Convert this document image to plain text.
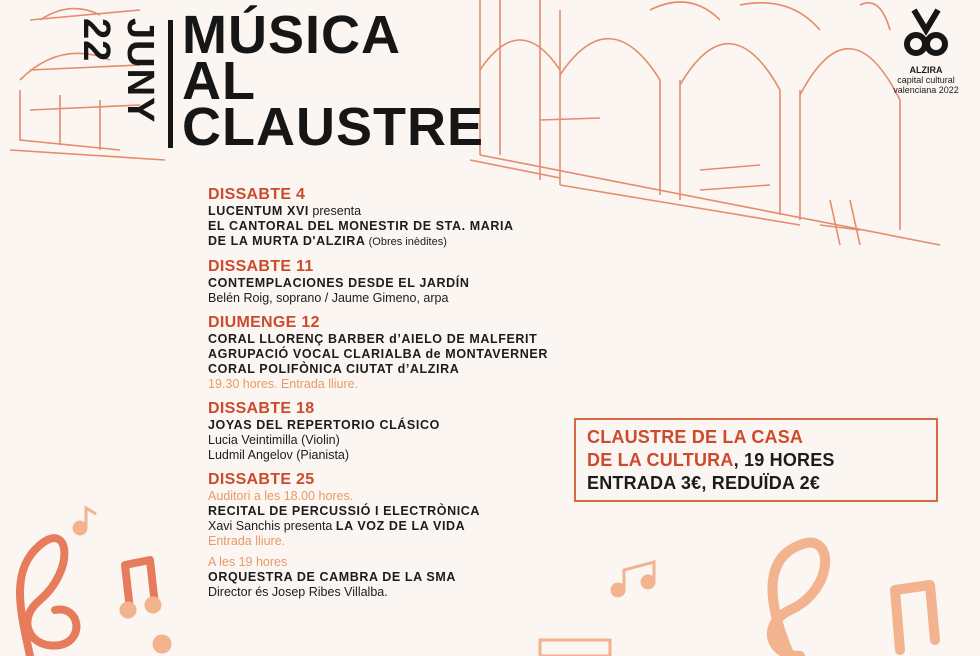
JUNY 22	MÚSICA
AL
CLAUSTRE
ALZIRA
capital cultural
valenciana 2022
DISSABTE 4
LUCENTUM XVI presenta
EL CANTORAL DEL MONESTIR DE STA. MARIA
DE LA MURTA D'ALZIRA (Obres inèdites)
DISSABTE 11
CONTEMPLACIONES DESDE EL JARDÍN
Belén Roig, soprano / Jaume Gimeno, arpa
DIUMENGE 12
CORAL LLORENÇ BARBER d’AIELO DE MALFERIT
AGRUPACIÓ VOCAL CLARIALBA de MONTAVERNER
CORAL POLIFÒNICA CIUTAT d’ALZIRA
19.30 hores. Entrada lliure.
DISSABTE 18
JOYAS DEL REPERTORIO CLÁSICO
Lucia Veintimilla (Violin)
Ludmil Angelov (Pianista)
DISSABTE 25
Auditori a les 18.00 hores.
RECITAL DE PERCUSSIÓ I ELECTRÒNICA
Xavi Sanchis presenta LA VOZ DE LA VIDA
Entrada lliure.
A les 19 hores
ORQUESTRA DE CAMBRA DE LA SMA
Director és Josep Ribes Villalba.
CLAUSTRE DE LA CASA
DE LA CULTURA, 19 HORES
ENTRADA 3€, REDUÏDA 2€
